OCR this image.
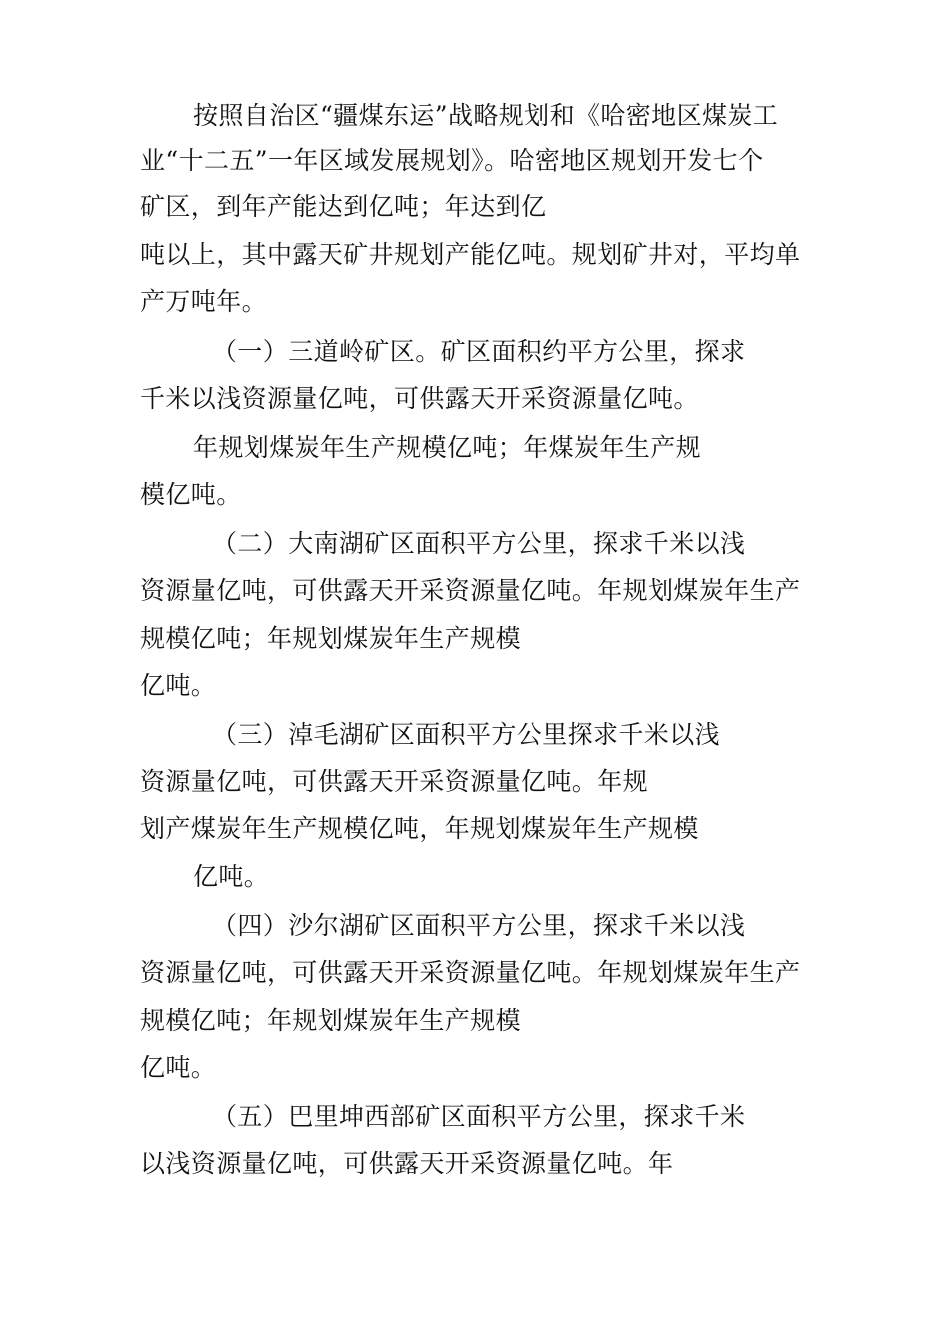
按照自治区“疆煤东运”战略规划和《哈密地区煤炭工
业“十二五”一年区域发展规划》。哈密地区规划开发七个
矿区，到年产能达到亿吨；年达到亿
吨以上，其中露天矿井规划产能亿吨。规划矿井对，平均单
产万吨年。
（一）三道岭矿区。矿区面积约平方公里，探求
千米以浅资源量亿吨，可供露天开采资源量亿吨。
年规划煤炭年生产规模亿吨；年煤炭年生产规
模亿吨。
（二）大南湖矿区面积平方公里，探求千米以浅
资源量亿吨，可供露天开采资源量亿吨。年规划煤炭年生产
规模亿吨；年规划煤炭年生产规模
亿吨。
（三）淖毛湖矿区面积平方公里探求千米以浅
资源量亿吨，可供露天开采资源量亿吨。年规
划产煤炭年生产规模亿吨，年规划煤炭年生产规模
亿吨。
（四）沙尔湖矿区面积平方公里，探求千米以浅
资源量亿吨，可供露天开采资源量亿吨。年规划煤炭年生产
规模亿吨；年规划煤炭年生产规模
亿吨。
（五）巴里坤西部矿区面积平方公里，探求千米
以浅资源量亿吨，可供露天开采资源量亿吨。年
